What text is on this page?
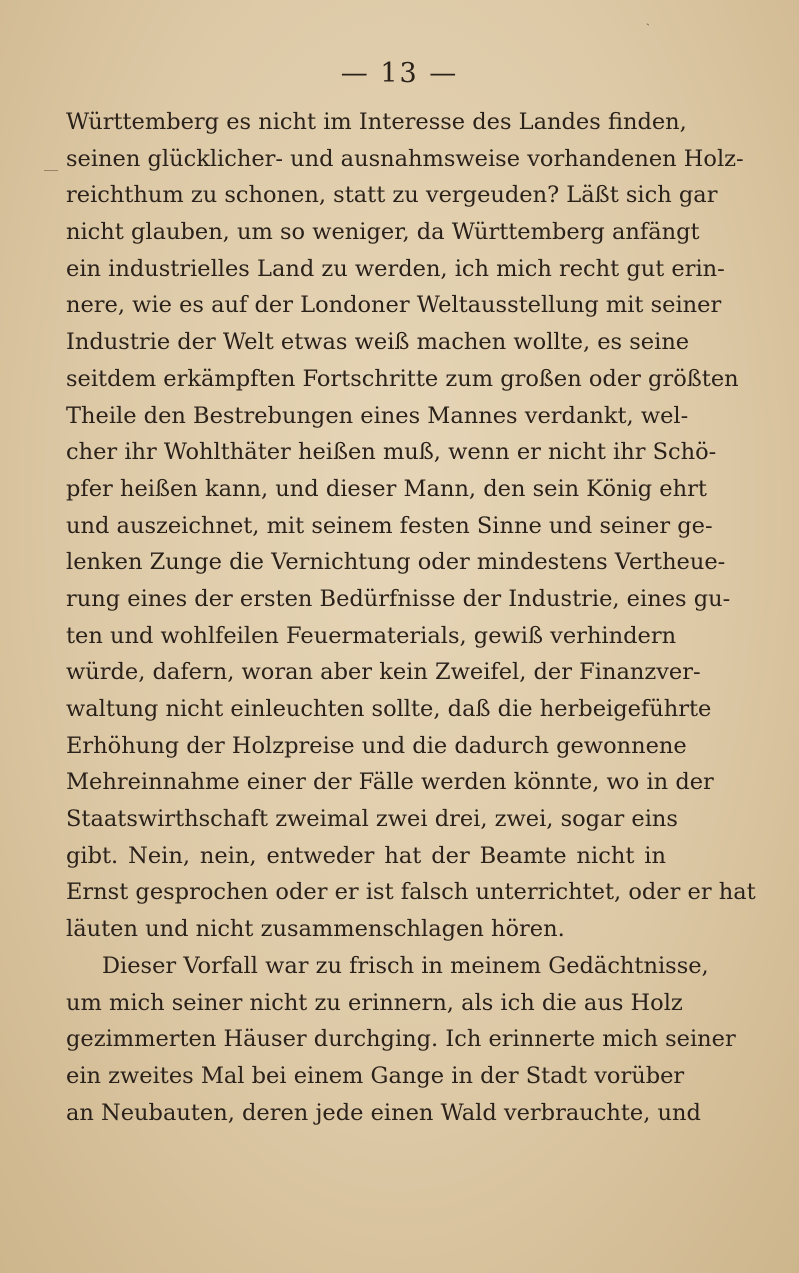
ˎ
— 13 —
Württemberg es nicht im Interesse des Landes finden,
seinen glücklicher- und ausnahmsweise vorhandenen Holz-
reichthum zu schonen, statt zu vergeuden? Läßt sich gar
nicht glauben, um so weniger, da Württemberg anfängt
ein industrielles Land zu werden, ich mich recht gut erin-
nere, wie es auf der Londoner Weltausstellung mit seiner
Industrie der Welt etwas weiß machen wollte, es seine
seitdem erkämpften Fortschritte zum großen oder größten
Theile den Bestrebungen eines Mannes verdankt, wel-
cher ihr Wohlthäter heißen muß, wenn er nicht ihr Schö-
pfer heißen kann, und dieser Mann, den sein König ehrt
und auszeichnet, mit seinem festen Sinne und seiner ge-
lenken Zunge die Vernichtung oder mindestens Vertheue-
rung eines der ersten Bedürfnisse der Industrie, eines gu-
ten und wohlfeilen Feuermaterials, gewiß verhindern
würde, dafern, woran aber kein Zweifel, der Finanzver-
waltung nicht einleuchten sollte, daß die herbeigeführte
Erhöhung der Holzpreise und die dadurch gewonnene
Mehreinnahme einer der Fälle werden könnte, wo in der
Staatswirthschaft zweimal zwei drei, zwei, sogar eins
gibt. Nein, nein, entweder hat der Beamte nicht in
Ernst gesprochen oder er ist falsch unterrichtet, oder er hat
läuten und nicht zusammenschlagen hören.
Dieser Vorfall war zu frisch in meinem Gedächtnisse,
um mich seiner nicht zu erinnern, als ich die aus Holz
gezimmerten Häuser durchging. Ich erinnerte mich seiner
ein zweites Mal bei einem Gange in der Stadt vorüber
an Neubauten, deren jede einen Wald verbrauchte, und
